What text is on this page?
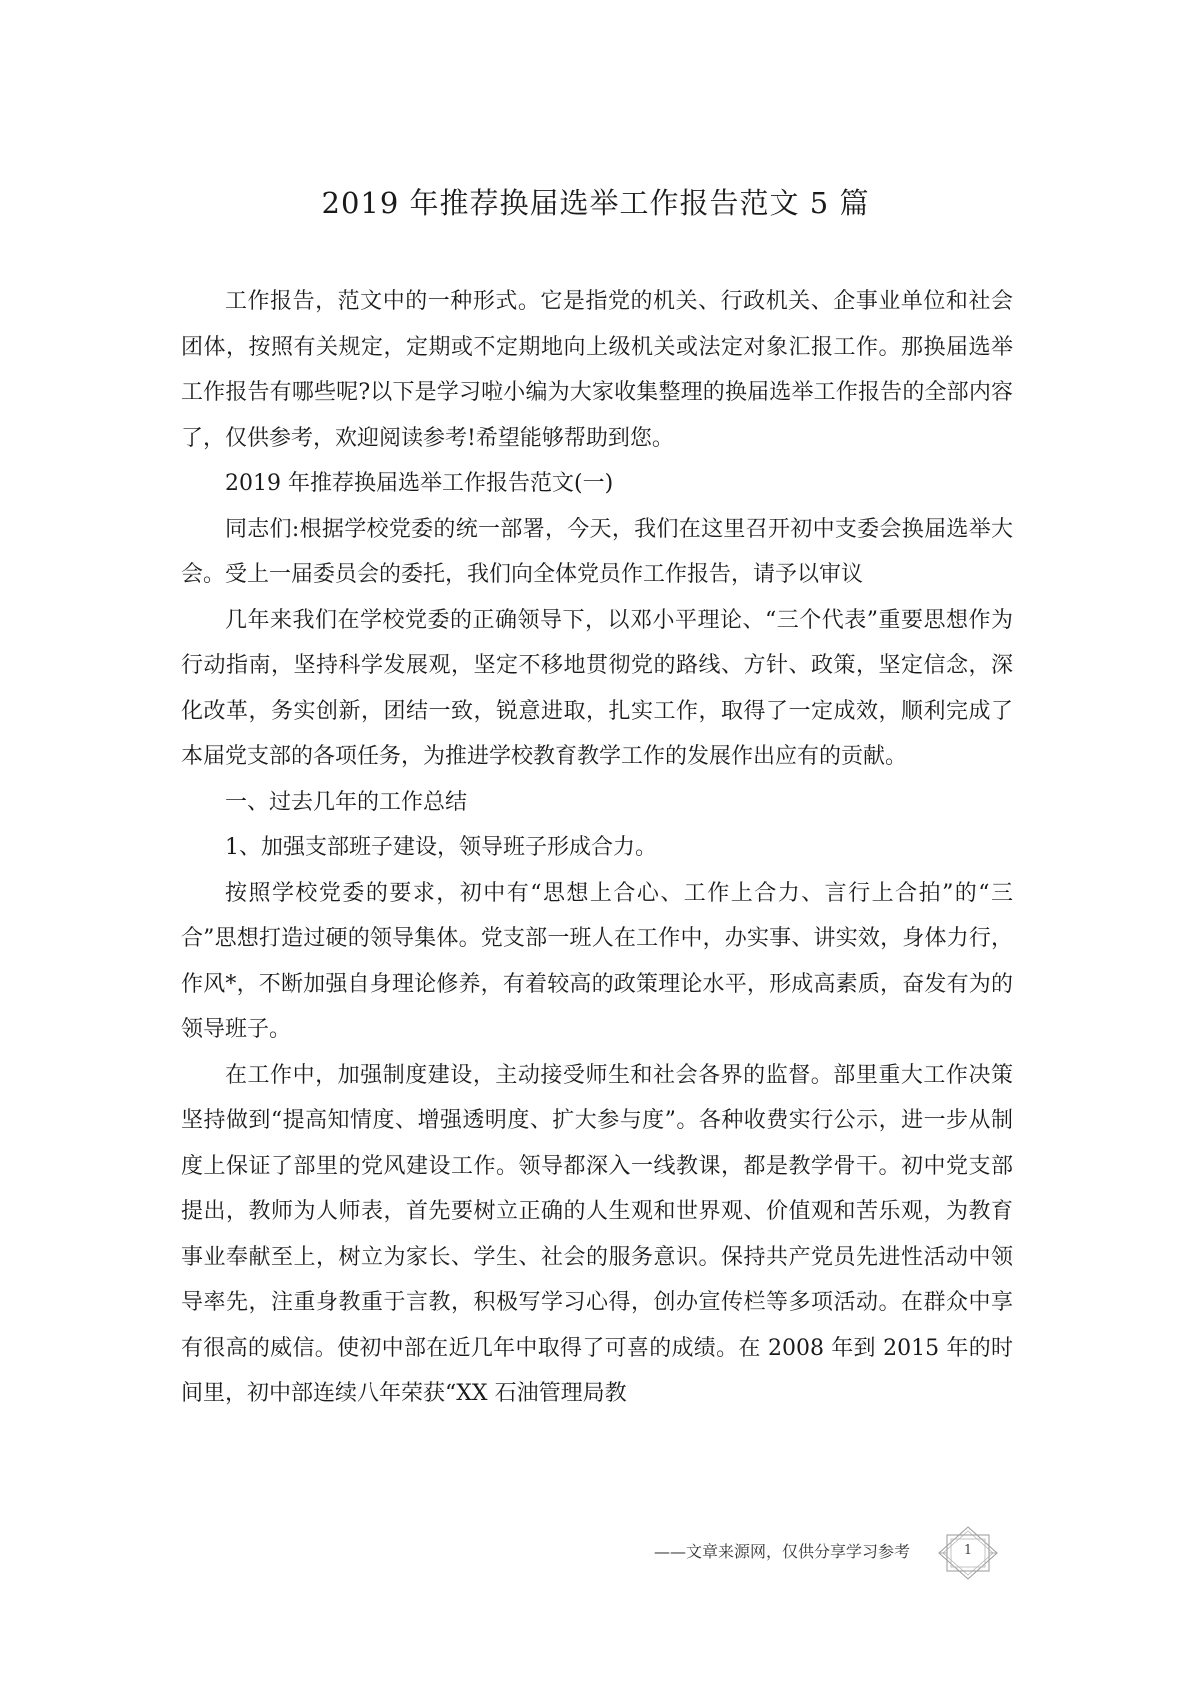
2019 年推荐换届选举工作报告范文 5 篇

工作报告，范文中的一种形式。它是指党的机关、行政机关、企事业单位和社会团体，按照有关规定，定期或不定期地向上级机关或法定对象汇报工作。那换届选举工作报告有哪些呢?以下是学习啦小编为大家收集整理的换届选举工作报告的全部内容了，仅供参考，欢迎阅读参考!希望能够帮助到您。

2019 年推荐换届选举工作报告范文(一)

同志们:根据学校党委的统一部署，今天，我们在这里召开初中支委会换届选举大会。受上一届委员会的委托，我们向全体党员作工作报告，请予以审议

几年来我们在学校党委的正确领导下，以邓小平理论、“三个代表”重要思想作为行动指南，坚持科学发展观，坚定不移地贯彻党的路线、方针、政策，坚定信念，深化改革，务实创新，团结一致，锐意进取，扎实工作，取得了一定成效，顺利完成了本届党支部的各项任务，为推进学校教育教学工作的发展作出应有的贡献。

一、过去几年的工作总结

1、加强支部班子建设，领导班子形成合力。

按照学校党委的要求，初中有“思想上合心、工作上合力、言行上合拍”的“三合”思想打造过硬的领导集体。党支部一班人在工作中，办实事、讲实效，身体力行，作风*，不断加强自身理论修养，有着较高的政策理论水平，形成高素质，奋发有为的领导班子。

在工作中，加强制度建设，主动接受师生和社会各界的监督。部里重大工作决策坚持做到“提高知情度、增强透明度、扩大参与度”。各种收费实行公示，进一步从制度上保证了部里的党风建设工作。领导都深入一线教课，都是教学骨干。初中党支部提出，教师为人师表，首先要树立正确的人生观和世界观、价值观和苦乐观，为教育事业奉献至上，树立为家长、学生、社会的服务意识。保持共产党员先进性活动中领导率先，注重身教重于言教，积极写学习心得，创办宣传栏等多项活动。在群众中享有很高的威信。使初中部在近几年中取得了可喜的成绩。在 2008 年到 2015 年的时间里，初中部连续八年荣获“XX 石油管理局教

——文章来源网，仅供分享学习参考	1
